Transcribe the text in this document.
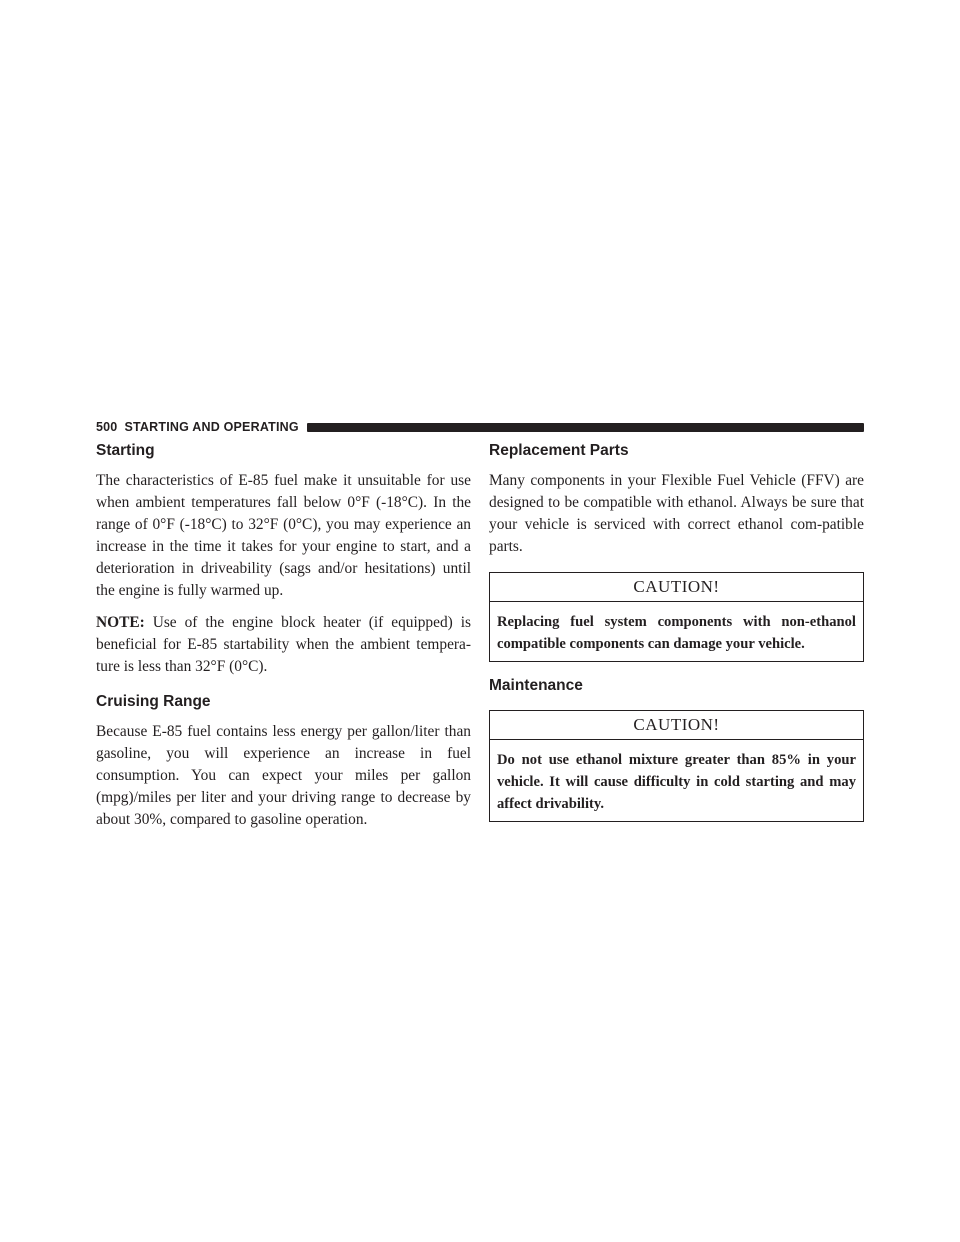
500 STARTING AND OPERATING
Starting

The characteristics of E-85 fuel make it unsuitable for use when ambient temperatures fall below 0°F (-18°C). In the range of 0°F (-18°C) to 32°F (0°C), you may experience an increase in the time it takes for your engine to start, and a deterioration in driveability (sags and/or hesitations) until the engine is fully warmed up.

NOTE: Use of the engine block heater (if equipped) is beneficial for E-85 startability when the ambient tempera-ture is less than 32°F (0°C).

Cruising Range

Because E-85 fuel contains less energy per gallon/liter than gasoline, you will experience an increase in fuel consumption. You can expect your miles per gallon (mpg)/miles per liter and your driving range to decrease by about 30%, compared to gasoline operation.

Replacement Parts

Many components in your Flexible Fuel Vehicle (FFV) are designed to be compatible with ethanol. Always be sure that your vehicle is serviced with correct ethanol com-patible parts.

CAUTION!
Replacing fuel system components with non-ethanol compatible components can damage your vehicle.
Maintenance
CAUTION!
Do not use ethanol mixture greater than 85% in your vehicle. It will cause difficulty in cold starting and may affect drivability.
